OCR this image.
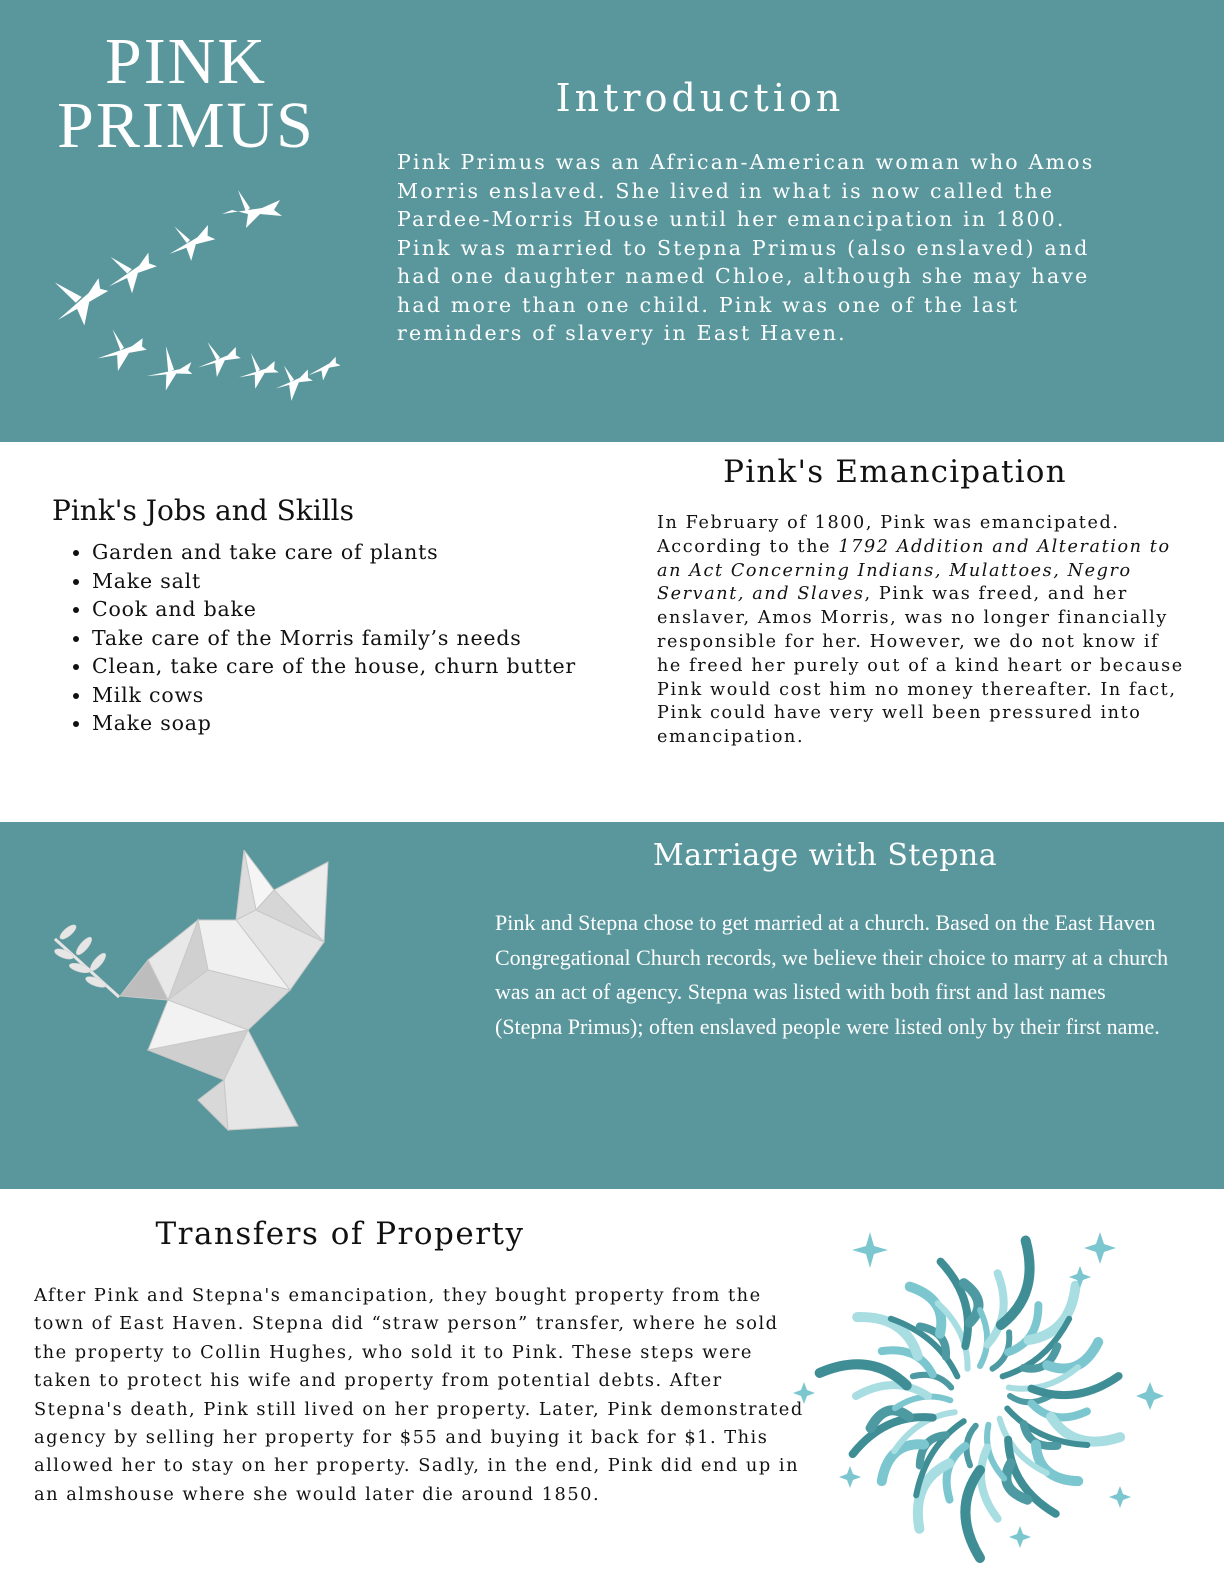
PINK
PRIMUS	Introduction
Pink Primus was an African-American woman who Amos Morris enslaved. She lived in what is now called the Pardee-Morris House until her emancipation in 1800. Pink was married to Stepna Primus (also enslaved) and had one daughter named Chloe, although she may have had more than one child. Pink was one of the last reminders of slavery in East Haven.
Pink's Jobs and Skills
• Garden and take care of plants
• Make salt
• Cook and bake
• Take care of the Morris family’s needs
• Clean, take care of the house, churn butter
• Milk cows
• Make soap
Pink's Emancipation
In February of 1800, Pink was emancipated. According to the 1792 Addition and Alteration to an Act Concerning Indians, Mulattoes, Negro Servant, and Slaves, Pink was freed, and her enslaver, Amos Morris, was no longer financially responsible for her. However, we do not know if he freed her purely out of a kind heart or because Pink would cost him no money thereafter. In fact, Pink could have very well been pressured into emancipation.
Marriage with Stepna
Pink and Stepna chose to get married at a church. Based on the East Haven Congregational Church records, we believe their choice to marry at a church was an act of agency. Stepna was listed with both first and last names (Stepna Primus); often enslaved people were listed only by their first name.
Transfers of Property
After Pink and Stepna's emancipation, they bought property from the town of East Haven. Stepna did “straw person” transfer, where he sold the property to Collin Hughes, who sold it to Pink. These steps were taken to protect his wife and property from potential debts. After Stepna's death, Pink still lived on her property. Later, Pink demonstrated agency by selling her property for $55 and buying it back for $1. This allowed her to stay on her property. Sadly, in the end, Pink did end up in an almshouse where she would later die around 1850.
